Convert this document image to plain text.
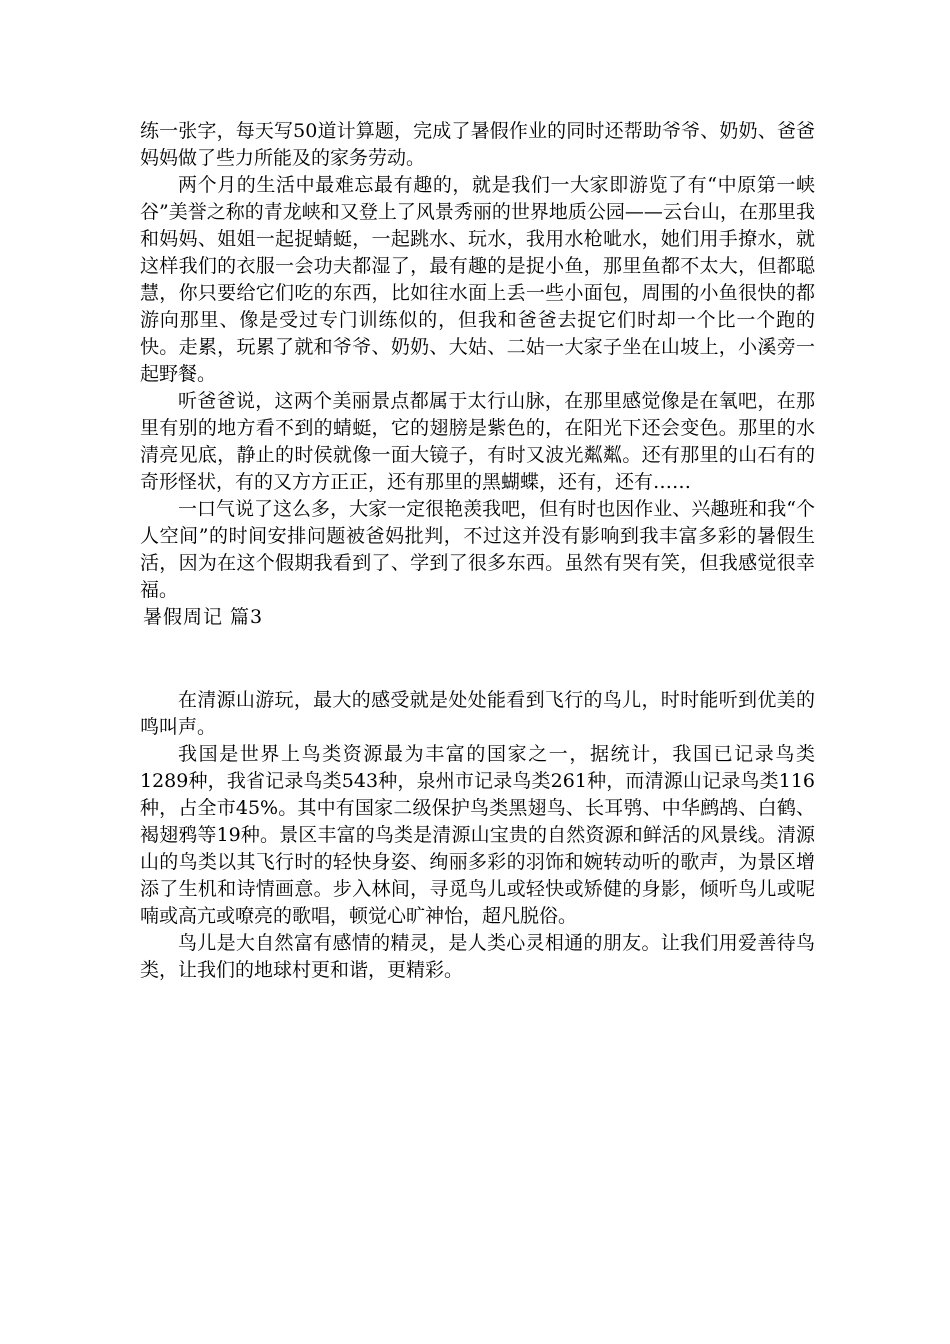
练一张字，每天写50道计算题，完成了暑假作业的同时还帮助爷爷、奶奶、爸爸妈妈做了些力所能及的家务劳动。

两个月的生活中最难忘最有趣的，就是我们一大家即游览了有“中原第一峡谷”美誉之称的青龙峡和又登上了风景秀丽的世界地质公园——云台山，在那里我和妈妈、姐姐一起捉蜻蜓，一起跳水、玩水，我用水枪呲水，她们用手撩水，就这样我们的衣服一会功夫都湿了，最有趣的是捉小鱼，那里鱼都不太大，但都聪慧，你只要给它们吃的东西，比如往水面上丢一些小面包，周围的小鱼很快的都游向那里、像是受过专门训练似的，但我和爸爸去捉它们时却一个比一个跑的快。走累，玩累了就和爷爷、奶奶、大姑、二姑一大家子坐在山坡上，小溪旁一起野餐。

听爸爸说，这两个美丽景点都属于太行山脉，在那里感觉像是在氧吧，在那里有别的地方看不到的蜻蜓，它的翅膀是紫色的，在阳光下还会变色。那里的水清亮见底，静止的时侯就像一面大镜子，有时又波光粼粼。还有那里的山石有的奇形怪状，有的又方方正正，还有那里的黑蝴蝶，还有，还有……

一口气说了这么多，大家一定很艳羡我吧，但有时也因作业、兴趣班和我“个人空间”的时间安排问题被爸妈批判，不过这并没有影响到我丰富多彩的暑假生活，因为在这个假期我看到了、学到了很多东西。虽然有哭有笑，但我感觉很幸福。

暑假周记 篇3

在清源山游玩，最大的感受就是处处能看到飞行的鸟儿，时时能听到优美的鸣叫声。

我国是世界上鸟类资源最为丰富的国家之一，据统计，我国已记录鸟类1289种，我省记录鸟类543种，泉州市记录鸟类261种，而清源山记录鸟类116种，占全市45%。其中有国家二级保护鸟类黑翅鸟、长耳鸮、中华鹧鸪、白鹤、褐翅鸦等19种。景区丰富的鸟类是清源山宝贵的自然资源和鲜活的风景线。清源山的鸟类以其飞行时的轻快身姿、绚丽多彩的羽饰和婉转动听的歌声，为景区增添了生机和诗情画意。步入林间，寻觅鸟儿或轻快或矫健的身影，倾听鸟儿或呢喃或高亢或嘹亮的歌唱，顿觉心旷神怡，超凡脱俗。

鸟儿是大自然富有感情的精灵，是人类心灵相通的朋友。让我们用爱善待鸟类，让我们的地球村更和谐，更精彩。
